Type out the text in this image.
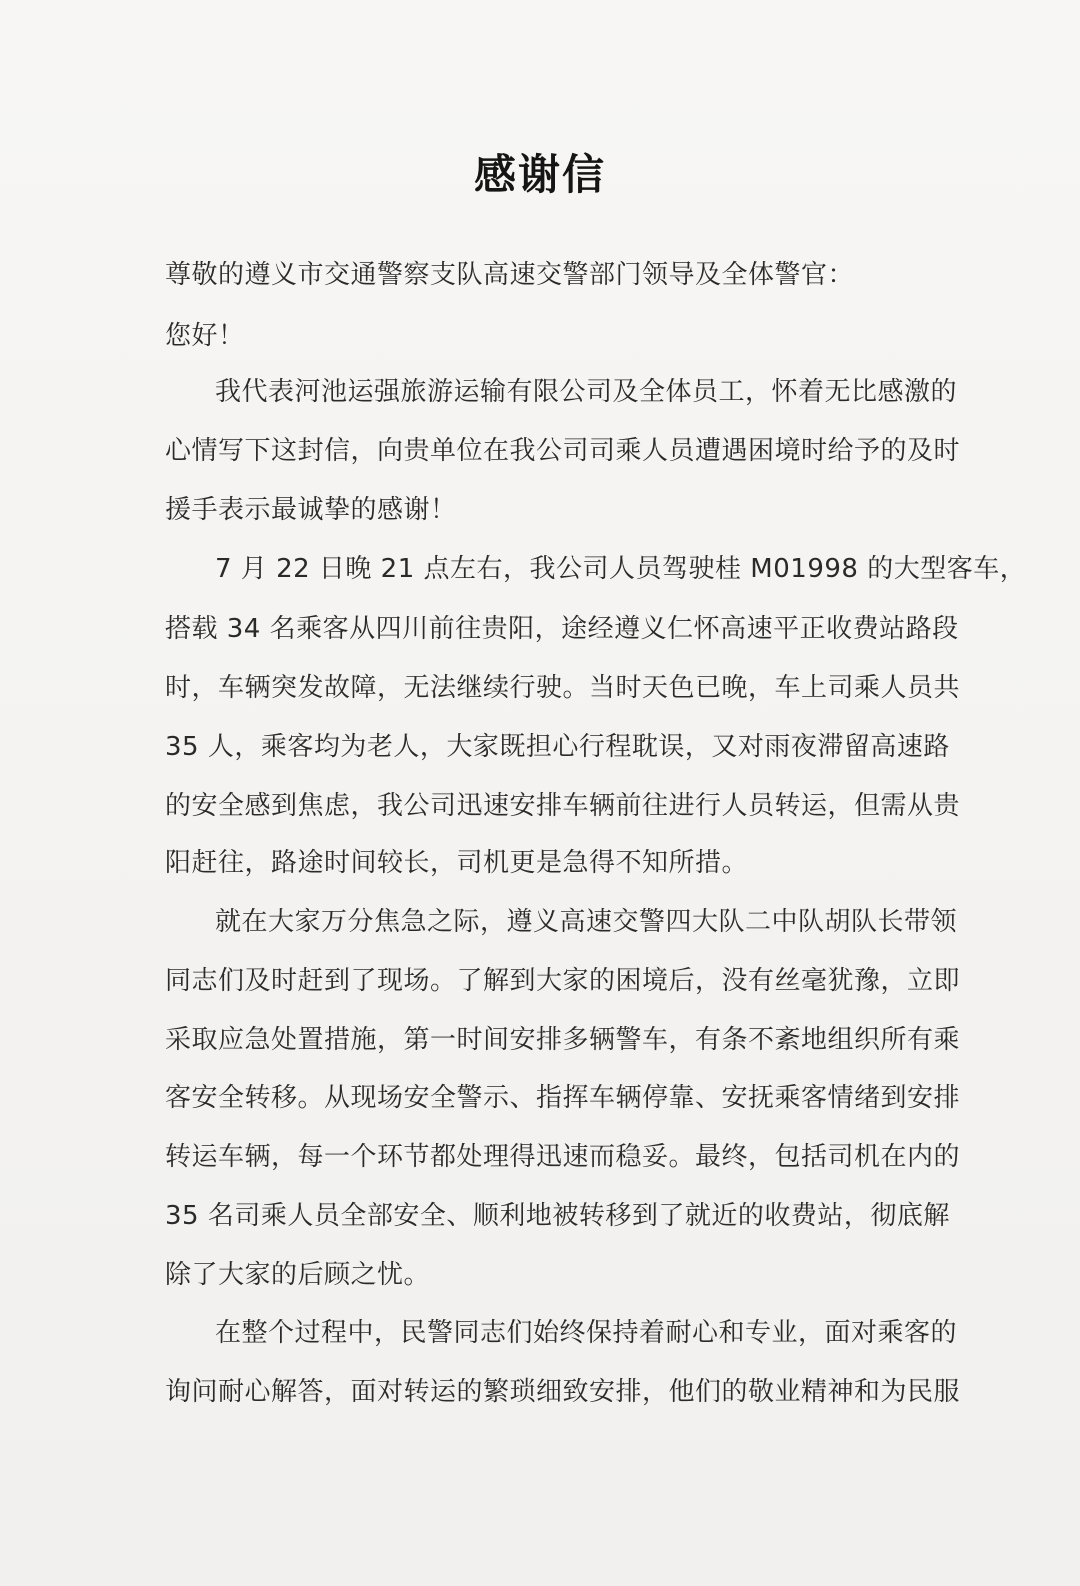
感谢信
尊敬的遵义市交通警察支队高速交警部门领导及全体警官：
您好！
我代表河池运强旅游运输有限公司及全体员工，怀着无比感激的
心情写下这封信，向贵单位在我公司司乘人员遭遇困境时给予的及时
援手表示最诚挚的感谢！
7 月 22 日晚 21 点左右，我公司人员驾驶桂 M01998 的大型客车，
搭载 34 名乘客从四川前往贵阳，途经遵义仁怀高速平正收费站路段
时，车辆突发故障，无法继续行驶。当时天色已晚，车上司乘人员共
35 人，乘客均为老人，大家既担心行程耽误，又对雨夜滞留高速路
的安全感到焦虑，我公司迅速安排车辆前往进行人员转运，但需从贵
阳赶往，路途时间较长，司机更是急得不知所措。
就在大家万分焦急之际，遵义高速交警四大队二中队胡队长带领
同志们及时赶到了现场。了解到大家的困境后，没有丝毫犹豫，立即
采取应急处置措施，第一时间安排多辆警车，有条不紊地组织所有乘
客安全转移。从现场安全警示、指挥车辆停靠、安抚乘客情绪到安排
转运车辆，每一个环节都处理得迅速而稳妥。最终，包括司机在内的
35 名司乘人员全部安全、顺利地被转移到了就近的收费站，彻底解
除了大家的后顾之忧。
在整个过程中，民警同志们始终保持着耐心和专业，面对乘客的
询问耐心解答，面对转运的繁琐细致安排，他们的敬业精神和为民服
